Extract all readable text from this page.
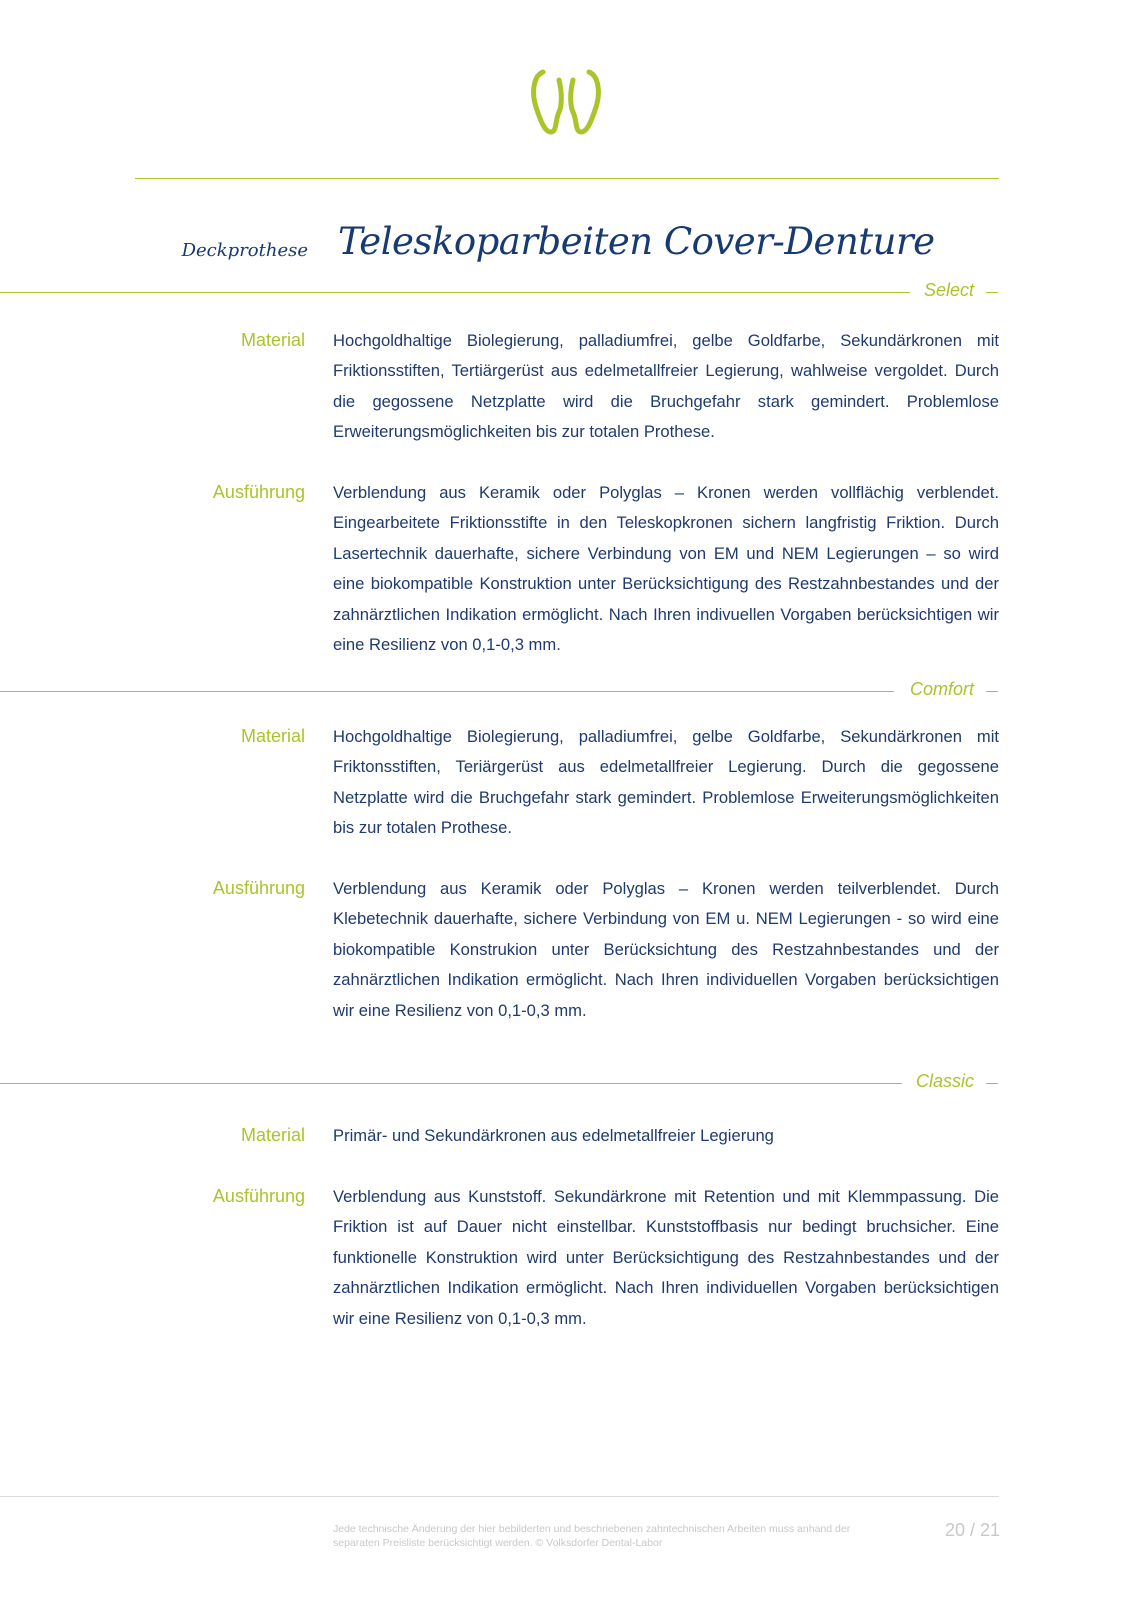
Deckprothese Teleskoparbeiten Cover-Denture
Select
Material Hochgoldhaltige Biolegierung, palladiumfrei, gelbe Goldfarbe, Sekundärkronen mit Friktionsstiften, Tertiärgerüst aus edelmetallfreier Legierung, wahlweise vergoldet. Durch die gegossene Netzplatte wird die Bruchgefahr stark gemindert. Problemlose Erweiterungsmöglichkeiten bis zur totalen Prothese.
Ausführung Verblendung aus Keramik oder Polyglas – Kronen werden vollflächig verblendet. Eingearbeitete Friktionsstifte in den Teleskopkronen sichern langfristig Friktion. Durch Lasertechnik dauerhafte, sichere Verbindung von EM und NEM Legierungen – so wird eine biokompatible Konstruktion unter Berücksichtigung des Restzahnbestandes und der zahnärztlichen Indikation ermöglicht. Nach Ihren indivuellen Vorgaben berücksichtigen wir eine Resilienz von 0,1-0,3 mm.
Comfort
Material Hochgoldhaltige Biolegierung, palladiumfrei, gelbe Goldfarbe, Sekundärkronen mit Friktonsstiften, Teriärgerüst aus edelmetallfreier Legierung. Durch die gegossene Netzplatte wird die Bruchgefahr stark gemindert. Problemlose Erweiterungsmöglichkeiten bis zur totalen Prothese.
Ausführung Verblendung aus Keramik oder Polyglas – Kronen werden teilverblendet. Durch Klebetechnik dauerhafte, sichere Verbindung von EM u. NEM Legierungen - so wird eine biokompatible Konstrukion unter Berücksichtung des Restzahnbestandes und der zahnärztlichen Indikation ermöglicht. Nach Ihren individuellen Vorgaben berücksichtigen wir eine Resilienz von 0,1-0,3 mm.
Classic
Material Primär- und Sekundärkronen aus edelmetallfreier Legierung
Ausführung Verblendung aus Kunststoff. Sekundärkrone mit Retention und mit Klemmpassung. Die Friktion ist auf Dauer nicht einstellbar. Kunststoffbasis nur bedingt bruchsicher. Eine funktionelle Konstruktion wird unter Berücksichtigung des Restzahnbestandes und der zahnärztlichen Indikation ermöglicht. Nach Ihren individuellen Vorgaben berücksichtigen wir eine Resilienz von 0,1-0,3 mm.
Jede technische Änderung der hier bebilderten und beschriebenen zahntechnischen Arbeiten muss anhand der separaten Preisliste berücksichtigt werden. © Volksdorfer Dental-Labor
20 / 21
